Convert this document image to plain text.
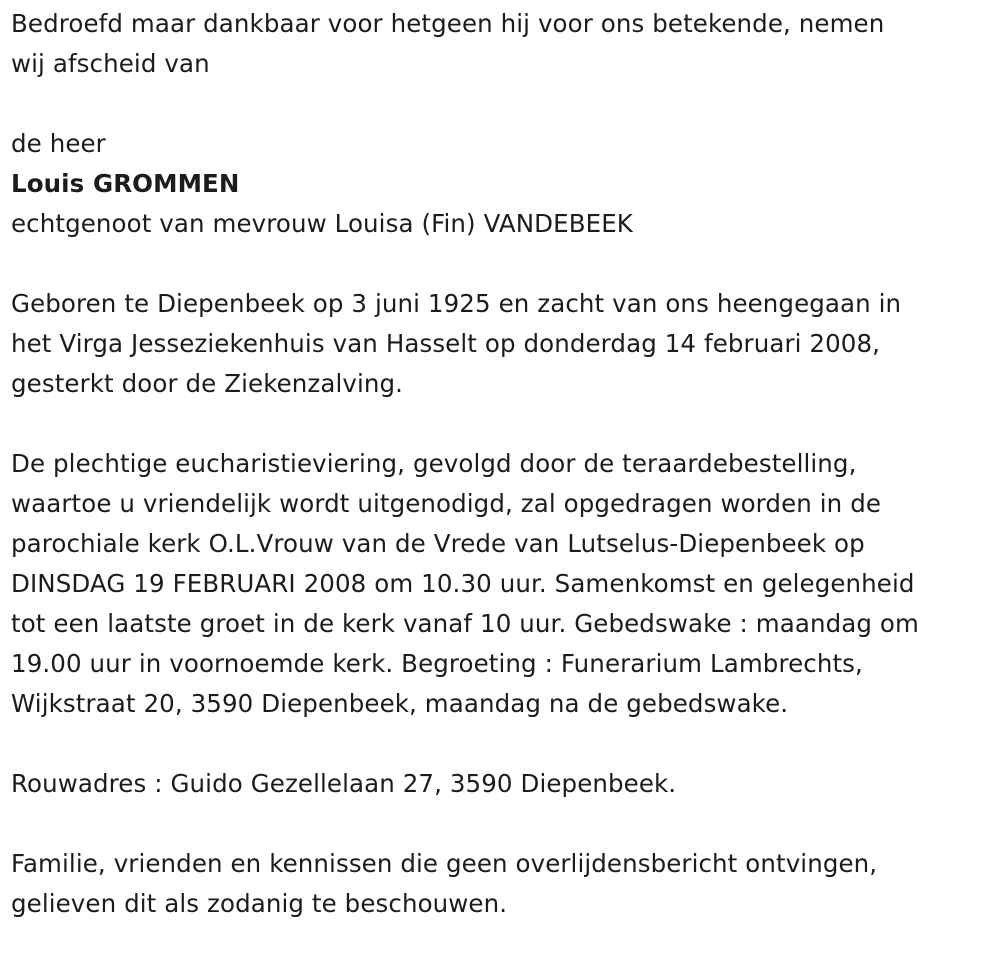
Bedroefd maar dankbaar voor hetgeen hij voor ons betekende, nemen
wij afscheid van

de heer

Louis GROMMEN

echtgenoot van mevrouw Louisa (Fin) VANDEBEEK

Geboren te Diepenbeek op 3 juni 1925 en zacht van ons heengegaan in
het Virga Jesseziekenhuis van Hasselt op donderdag 14 februari 2008,
gesterkt door de Ziekenzalving.

De plechtige eucharistieviering, gevolgd door de teraardebestelling,
waartoe u vriendelijk wordt uitgenodigd, zal opgedragen worden in de
parochiale kerk O.L.Vrouw van de Vrede van Lutselus-Diepenbeek op
DINSDAG 19 FEBRUARI 2008 om 10.30 uur. Samenkomst en gelegenheid
tot een laatste groet in de kerk vanaf 10 uur. Gebedswake : maandag om
19.00 uur in voornoemde kerk. Begroeting : Funerarium Lambrechts,
Wijkstraat 20, 3590 Diepenbeek, maandag na de gebedswake.

Rouwadres : Guido Gezellelaan 27, 3590 Diepenbeek.

Familie, vrienden en kennissen die geen overlijdensbericht ontvingen,
gelieven dit als zodanig te beschouwen.
